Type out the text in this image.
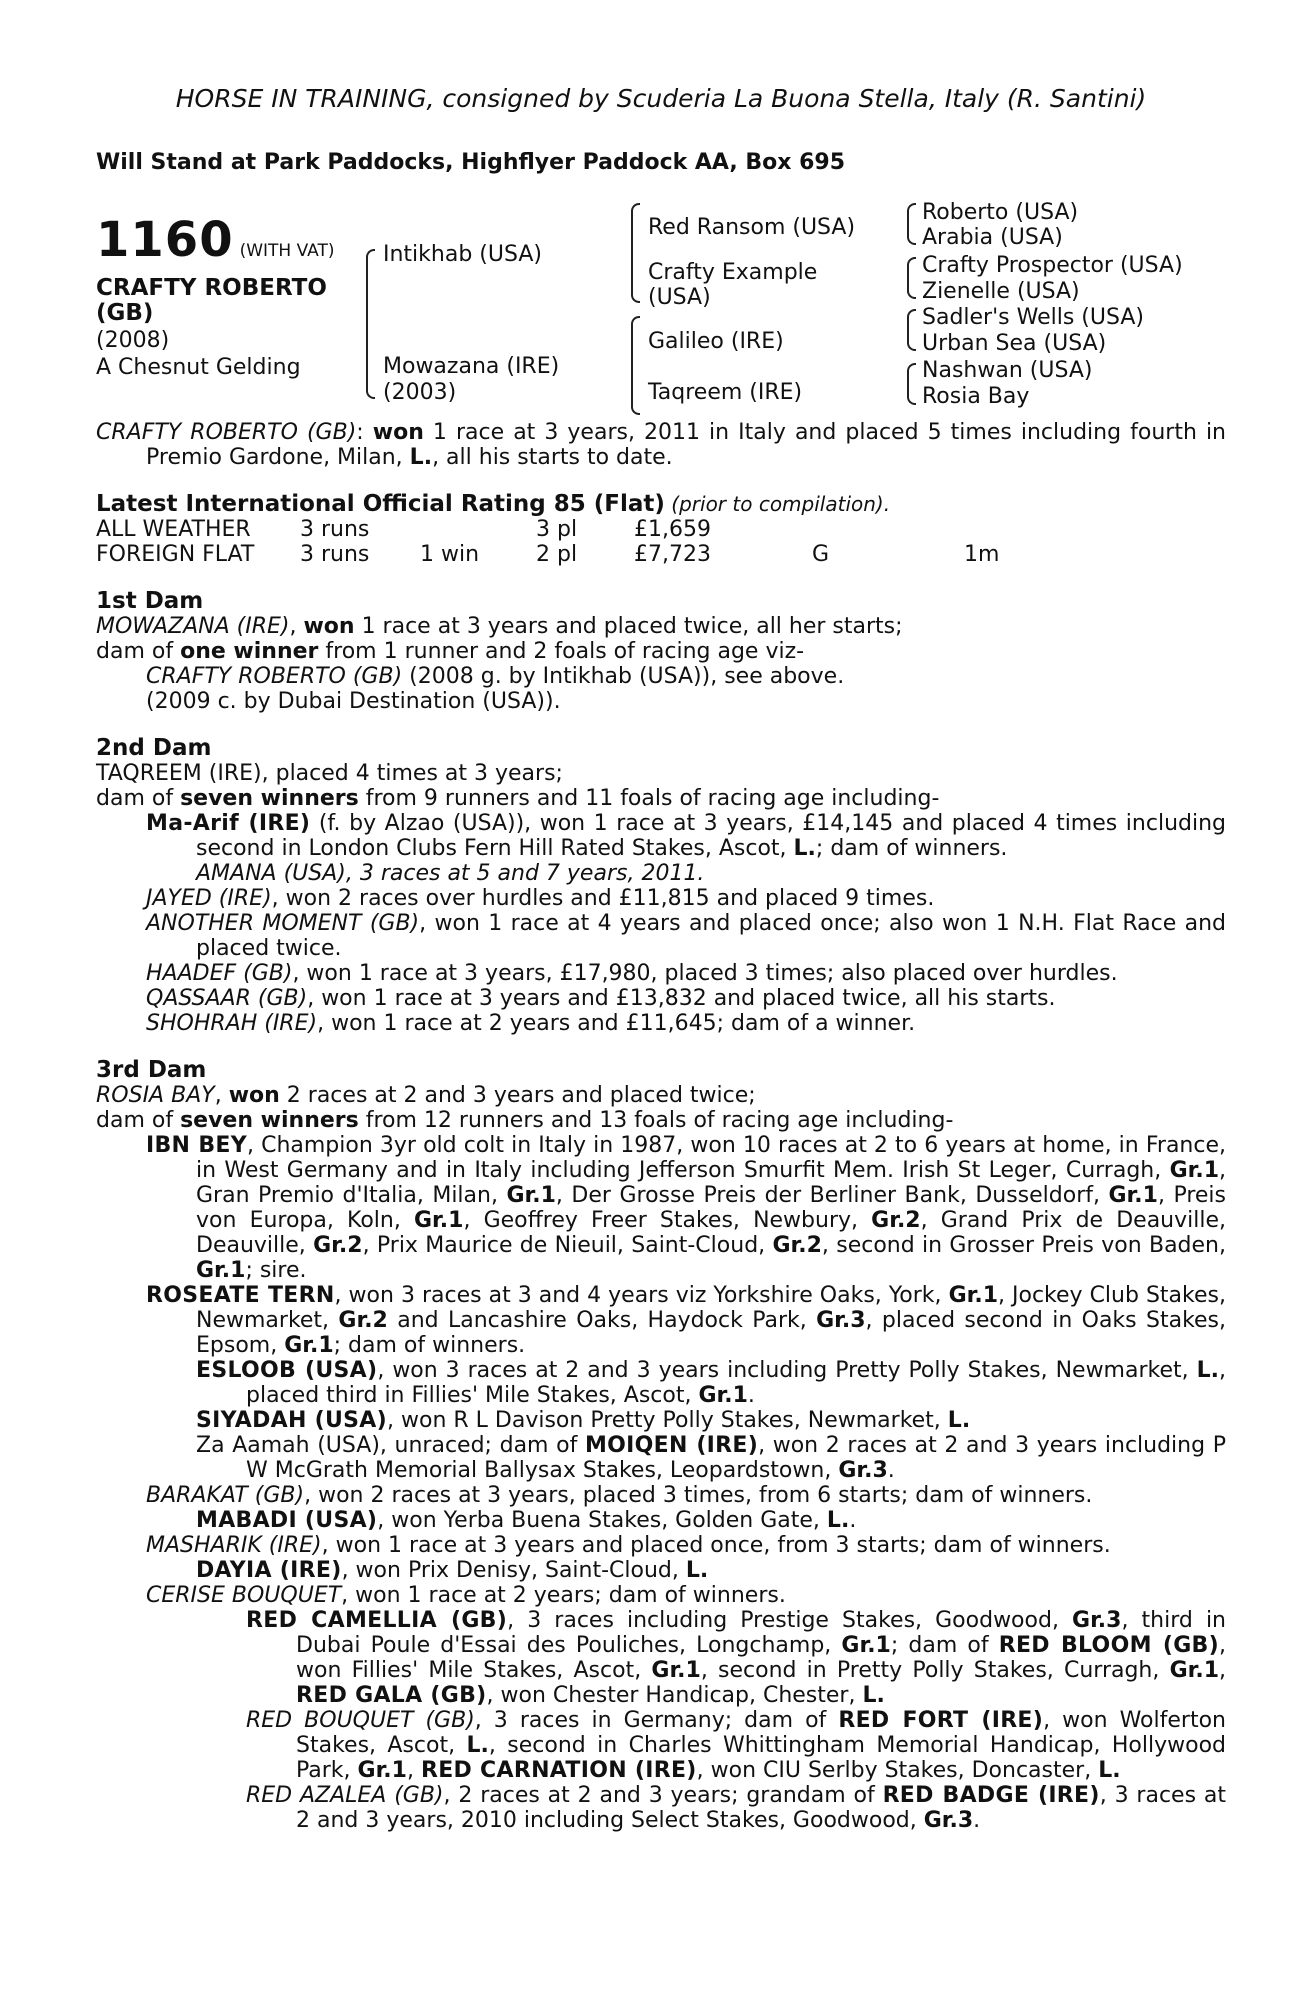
HORSE IN TRAINING, consigned by Scuderia La Buona Stella, Italy (R. Santini)
Will Stand at Park Paddocks, Highflyer Paddock AA, Box 695
1160 (WITH VAT)
CRAFTY ROBERTO
(GB)
(2008)
A Chesnut Gelding
Intikhab (USA)
Mowazana (IRE)
(2003)
Red Ransom (USA)
Crafty Example
(USA)
Galileo (IRE)
Taqreem (IRE)
Roberto (USA)
Arabia (USA)
Crafty Prospector (USA)
Zienelle (USA)
Sadler's Wells (USA)
Urban Sea (USA)
Nashwan (USA)
Rosia Bay

CRAFTY ROBERTO (GB): won 1 race at 3 years, 2011 in Italy and placed 5 times including fourth in Premio Gardone, Milan, L., all his starts to date.

Latest International Official Rating 85 (Flat) (prior to compilation).

ALL WEATHER	3 runs		3 pl	£1,659		
FOREIGN FLAT	3 runs	1 win	2 pl	£7,723	G	1m

1st Dam

MOWAZANA (IRE), won 1 race at 3 years and placed twice, all her starts;

dam of one winner from 1 runner and 2 foals of racing age viz-

CRAFTY ROBERTO (GB) (2008 g. by Intikhab (USA)), see above.

(2009 c. by Dubai Destination (USA)).

2nd Dam

TAQREEM (IRE), placed 4 times at 3 years;

dam of seven winners from 9 runners and 11 foals of racing age including-

Ma-Arif (IRE) (f. by Alzao (USA)), won 1 race at 3 years, £14,145 and placed 4 times including second in London Clubs Fern Hill Rated Stakes, Ascot, L.; dam of winners.

AMANA (USA), 3 races at 5 and 7 years, 2011.

JAYED (IRE), won 2 races over hurdles and £11,815 and placed 9 times.

ANOTHER MOMENT (GB), won 1 race at 4 years and placed once; also won 1 N.H. Flat Race and placed twice.

HAADEF (GB), won 1 race at 3 years, £17,980, placed 3 times; also placed over hurdles.

QASSAAR (GB), won 1 race at 3 years and £13,832 and placed twice, all his starts.

SHOHRAH (IRE), won 1 race at 2 years and £11,645; dam of a winner.

3rd Dam

ROSIA BAY, won 2 races at 2 and 3 years and placed twice;

dam of seven winners from 12 runners and 13 foals of racing age including-

IBN BEY, Champion 3yr old colt in Italy in 1987, won 10 races at 2 to 6 years at home, in France, in West Germany and in Italy including Jefferson Smurfit Mem. Irish St Leger, Curragh, Gr.1, Gran Premio d'Italia, Milan, Gr.1, Der Grosse Preis der Berliner Bank, Dusseldorf, Gr.1, Preis von Europa, Koln, Gr.1, Geoffrey Freer Stakes, Newbury, Gr.2, Grand Prix de Deauville, Deauville, Gr.2, Prix Maurice de Nieuil, Saint-Cloud, Gr.2, second in Grosser Preis von Baden, Gr.1; sire.

ROSEATE TERN, won 3 races at 3 and 4 years viz Yorkshire Oaks, York, Gr.1, Jockey Club Stakes, Newmarket, Gr.2 and Lancashire Oaks, Haydock Park, Gr.3, placed second in Oaks Stakes, Epsom, Gr.1; dam of winners.

ESLOOB (USA), won 3 races at 2 and 3 years including Pretty Polly Stakes, Newmarket, L., placed third in Fillies' Mile Stakes, Ascot, Gr.1.

SIYADAH (USA), won R L Davison Pretty Polly Stakes, Newmarket, L.

Za Aamah (USA), unraced; dam of MOIQEN (IRE), won 2 races at 2 and 3 years including P W McGrath Memorial Ballysax Stakes, Leopardstown, Gr.3.

BARAKAT (GB), won 2 races at 3 years, placed 3 times, from 6 starts; dam of winners.

MABADI (USA), won Yerba Buena Stakes, Golden Gate, L..

MASHARIK (IRE), won 1 race at 3 years and placed once, from 3 starts; dam of winners.

DAYIA (IRE), won Prix Denisy, Saint-Cloud, L.

CERISE BOUQUET, won 1 race at 2 years; dam of winners.

RED CAMELLIA (GB), 3 races including Prestige Stakes, Goodwood, Gr.3, third in Dubai Poule d'Essai des Pouliches, Longchamp, Gr.1; dam of RED BLOOM (GB), won Fillies' Mile Stakes, Ascot, Gr.1, second in Pretty Polly Stakes, Curragh, Gr.1, RED GALA (GB), won Chester Handicap, Chester, L.

RED BOUQUET (GB), 3 races in Germany; dam of RED FORT (IRE), won Wolferton Stakes, Ascot, L., second in Charles Whittingham Memorial Handicap, Hollywood Park, Gr.1, RED CARNATION (IRE), won CIU Serlby Stakes, Doncaster, L.

RED AZALEA (GB), 2 races at 2 and 3 years; grandam of RED BADGE (IRE), 3 races at 2 and 3 years, 2010 including Select Stakes, Goodwood, Gr.3.
